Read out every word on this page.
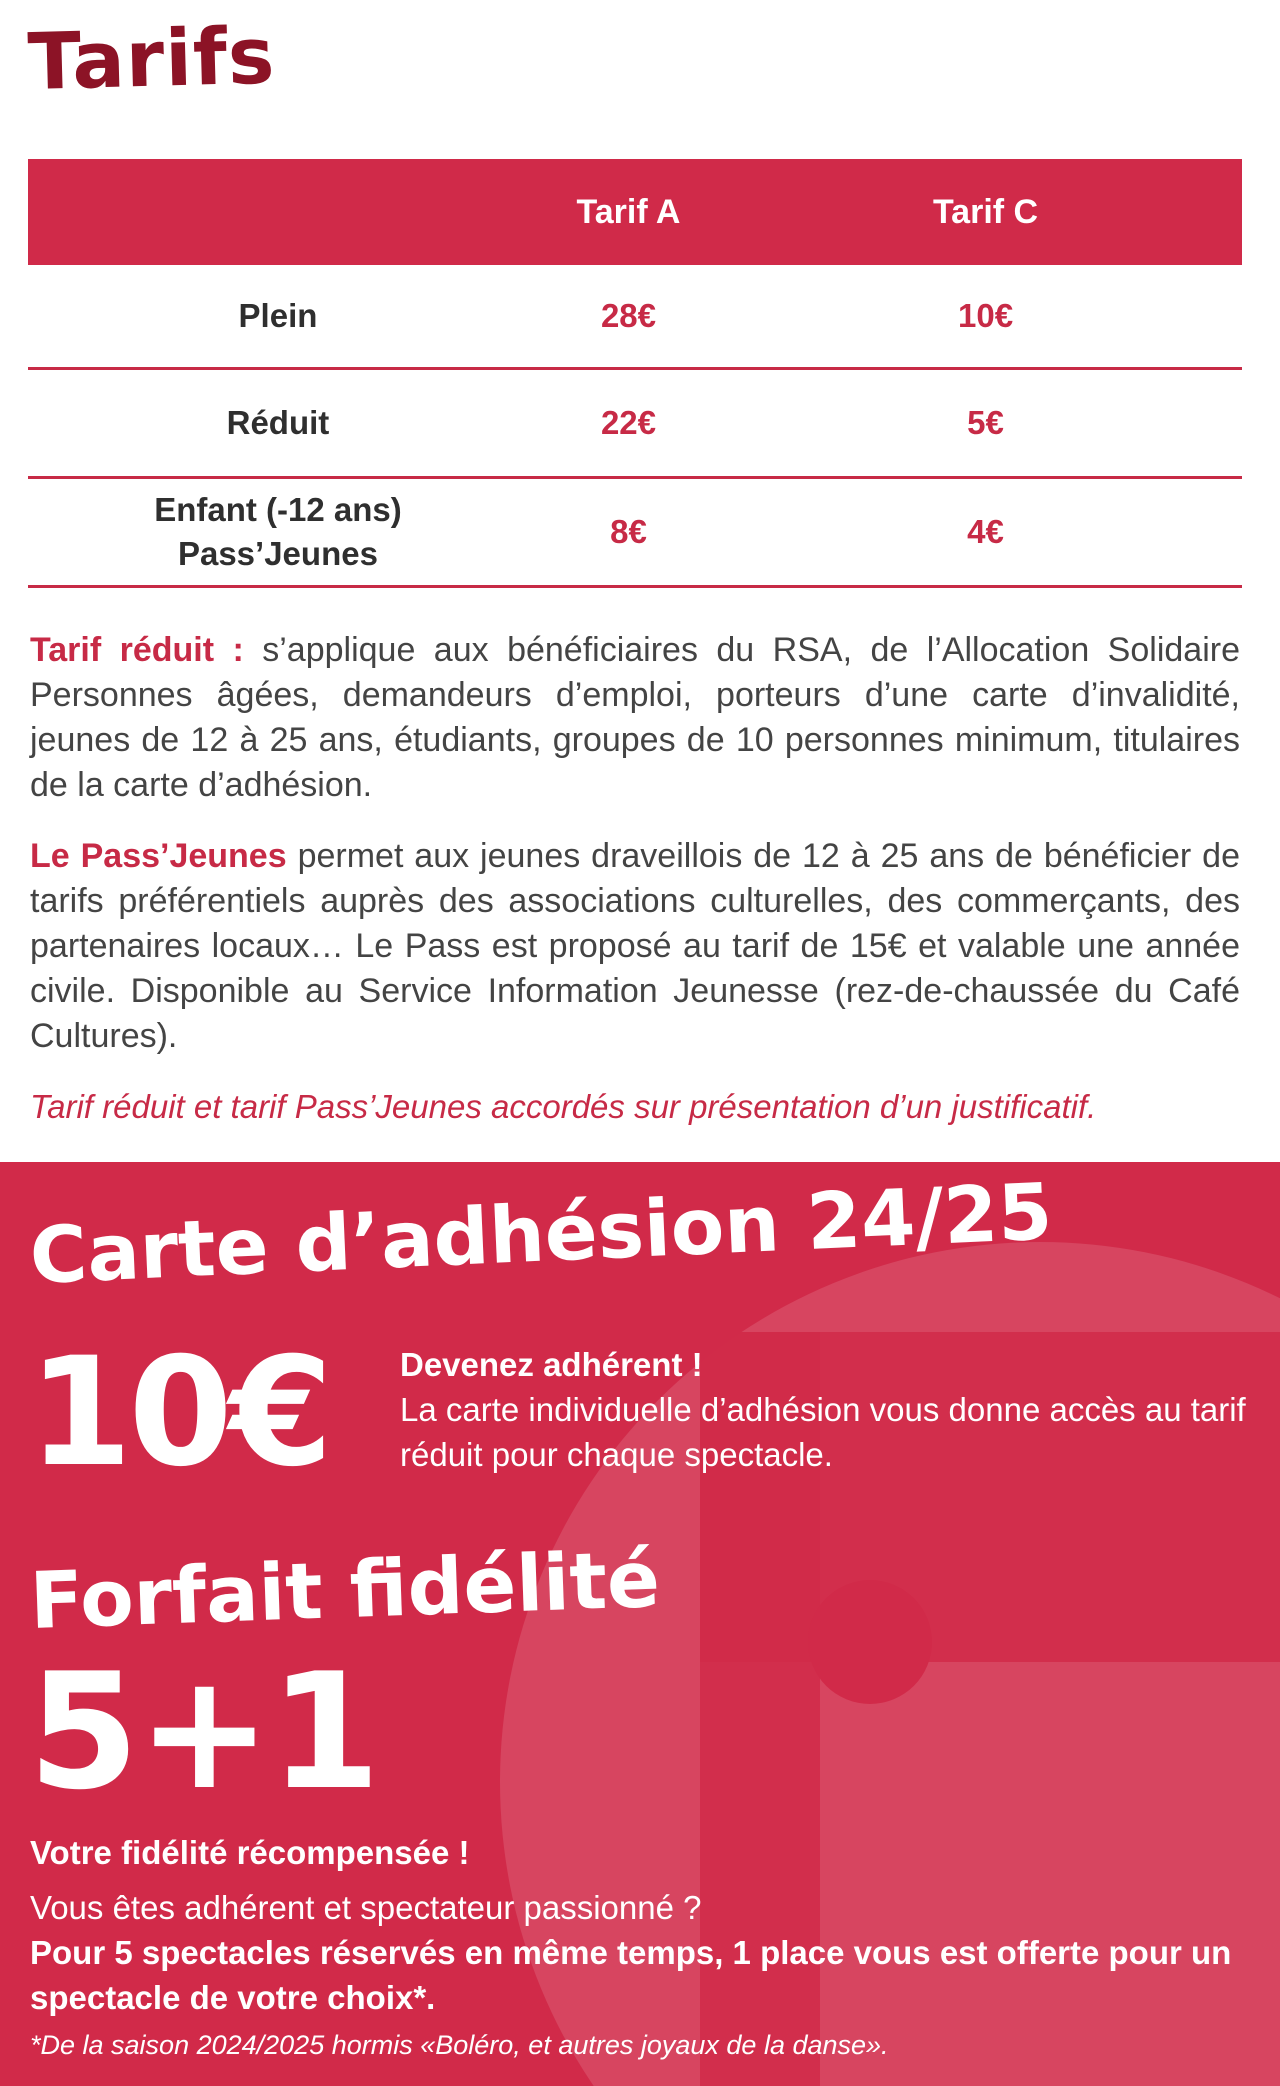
Tarifs
	Tarif A	Tarif C

Plein	28€	10€

Réduit	22€	5€

Enfant (-12 ans)
Pass’Jeunes	8€	4€

Tarif réduit : s’applique aux bénéficiaires du RSA, de l’Allocation Solidaire Personnes âgées, demandeurs d’emploi, porteurs d’une carte d’invalidité, jeunes de 12 à 25 ans, étudiants, groupes de 10 personnes minimum, titulaires de la carte d’adhésion.

Le Pass’Jeunes permet aux jeunes draveillois de 12 à 25 ans de bénéficier de tarifs préférentiels auprès des associations culturelles, des commerçants, des partenaires locaux… Le Pass est proposé au tarif de 15€ et valable une année civile. Disponible au Service Information Jeunesse (rez-de-chaussée du Café Cultures).

Tarif réduit et tarif Pass’Jeunes accordés sur présentation d’un justificatif.

Carte d’adhésion 24/25
10€ Devenez adhérent !
La carte individuelle d’adhésion vous donne accès au tarif réduit pour chaque spectacle.
Forfait fidélité
5+1
Votre fidélité récompensée !
Vous êtes adhérent et spectateur passionné ?
Pour 5 spectacles réservés en même temps, 1 place vous est offerte pour un spectacle de votre choix*.
*De la saison 2024/2025 hormis «Boléro, et autres joyaux de la danse».
